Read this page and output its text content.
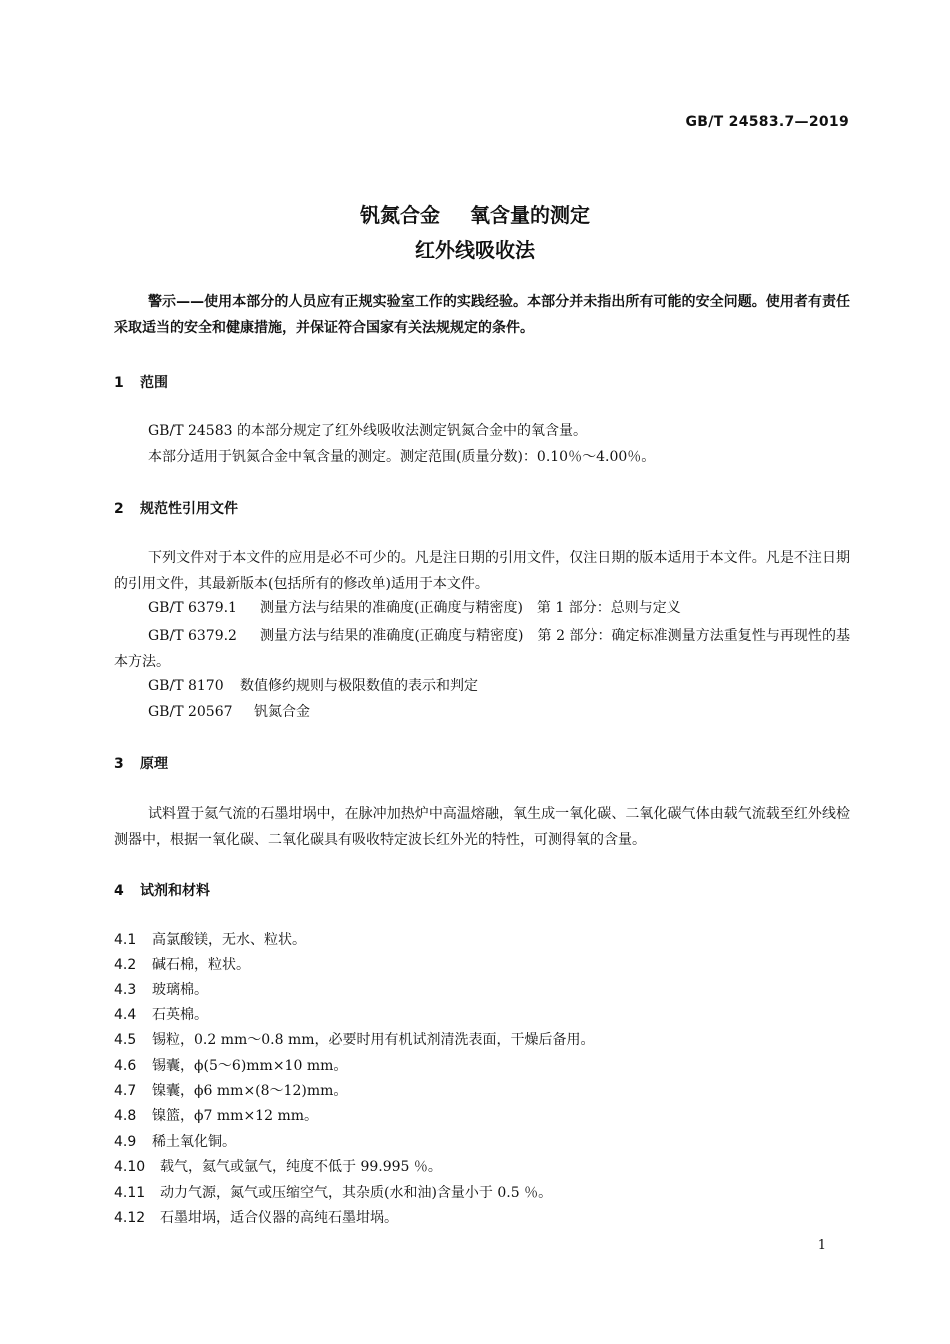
GB/T 24583.7—2019
钒氮合金 氧含量的测定
红外线吸收法
警示——使用本部分的人员应有正规实验室工作的实践经验。本部分并未指出所有可能的安全问题。使用者有责任采取适当的安全和健康措施，并保证符合国家有关法规规定的条件。
1 范围
GB/T 24583 的本部分规定了红外线吸收法测定钒氮合金中的氧含量。
本部分适用于钒氮合金中氧含量的测定。测定范围(质量分数)：0.10％～4.00％。
2 规范性引用文件
下列文件对于本文件的应用是必不可少的。凡是注日期的引用文件，仅注日期的版本适用于本文件。凡是不注日期的引用文件，其最新版本(包括所有的修改单)适用于本文件。
GB/T 6379.1 测量方法与结果的准确度(正确度与精密度)　第 1 部分：总则与定义
GB/T 6379.2 测量方法与结果的准确度(正确度与精密度)　第 2 部分：确定标准测量方法重复性与再现性的基本方法。
GB/T 8170 数值修约规则与极限数值的表示和判定
GB/T 20567 钒氮合金
3 原理
试料置于氦气流的石墨坩埚中，在脉冲加热炉中高温熔融，氧生成一氧化碳、二氧化碳气体由载气流载至红外线检测器中，根据一氧化碳、二氧化碳具有吸收特定波长红外光的特性，可测得氧的含量。
4 试剂和材料
4.1 高氯酸镁，无水、粒状。
4.2 碱石棉，粒状。
4.3 玻璃棉。
4.4 石英棉。
4.5 锡粒，0.2 mm～0.8 mm，必要时用有机试剂清洗表面，干燥后备用。
4.6 锡囊，ϕ(5～6)mm×10 mm。
4.7 镍囊，ϕ6 mm×(8～12)mm。
4.8 镍篮，ϕ7 mm×12 mm。
4.9 稀土氧化铜。
4.10 载气，氦气或氩气，纯度不低于 99.995 ％。
4.11 动力气源，氮气或压缩空气，其杂质(水和油)含量小于 0.5 ％。
4.12 石墨坩埚，适合仪器的高纯石墨坩埚。
1
